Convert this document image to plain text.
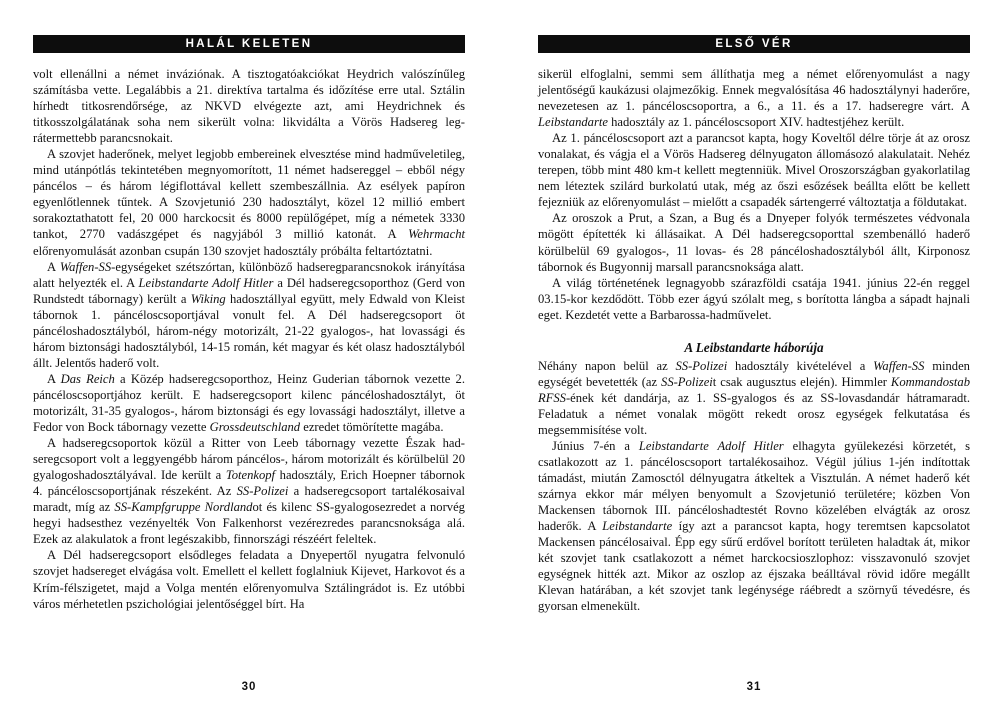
HALÁL KELETEN

volt ellenállni a német inváziónak. A tisztogatóakciókat Heydrich valószínűleg számításba vette. Legalábbis a 21. direktíva tartalma és időzítése erre utal. Sztálin hírhedt titkosrendőrsége, az NKVD elvégezte azt, ami Heydrichnek és titkosszolgálatának soha nem sikerült volna: likvidálta a Vörös Hadsereg legrátermettebb parancsnokait.

A szovjet haderőnek, melyet legjobb embereinek elvesztése mind hadműveletileg, mind utánpótlás tekintetében megnyomorított, 11 német hadsereggel – ebből négy páncélos – és három légiflottával kellett szembeszállnia. Az esélyek papíron egyenlőtlennek tűntek. A Szovjetunió 230 hadosztályt, közel 12 millió embert sorakoztathatott fel, 20 000 harckocsit és 8000 repülőgépet, míg a németek 3330 tankot, 2770 vadászgépet és nagyjából 3 millió katonát. A Wehrmacht előrenyomulását azonban csupán 130 szovjet hadosztály próbálta feltartóztatni.

A Waffen-SS-egységeket szétszórtan, különböző hadseregparancsnokok irányítása alatt helyezték el. A Leibstandarte Adolf Hitler a Dél hadseregcsoporthoz (Gerd von Rundstedt tábornagy) került a Wiking hadosztállyal együtt, mely Edwald von Kleist tábornok 1. páncéloscsoportjával vonult fel. A Dél hadseregcsoport öt páncéloshadosztályból, három-négy motorizált, 21-22 gyalogos-, hat lovassági és három biztonsági hadosztályból, 14-15 román, két magyar és két olasz hadosztályból állt. Jelentős haderő volt.

A Das Reich a Közép hadseregcsoporthoz, Heinz Guderian tábornok vezette 2. páncéloscsoportjához került. E hadseregcsoport kilenc páncéloshadosztályt, öt motorizált, 31-35 gyalogos-, három biztonsági és egy lovassági hadosztályt, illetve a Fedor von Bock tábornagy vezette Grossdeutschland ezredet tömörítette magába.

A hadseregcsoportok közül a Ritter von Leeb tábornagy vezette Észak hadseregcsoport volt a leggyengébb három páncélos-, három motorizált és körülbelül 20 gyalogoshadosztályával. Ide került a Totenkopf hadosztály, Erich Hoepner tábornok 4. páncéloscsoportjának részeként. Az SS-Polizei a hadseregcsoport tartalékosaival maradt, míg az SS-Kampfgruppe Nordlandot és kilenc SS-gyalogosezredet a norvég hegyi hadsesthez vezényelték Von Falkenhorst vezérezredes parancsnoksága alá. Ezek az alakulatok a front legészakibb, finnországi részéért feleltek.

A Dél hadseregcsoport elsődleges feladata a Dnyepertől nyugatra felvonuló szovjet hadsereget elvágása volt. Emellett el kellett foglalniuk Kijevet, Harkovot és a Krím-félszigetet, majd a Volga mentén előrenyomulva Sztálingrádot is. Ez utóbbi város mérhetetlen pszichológiai jelentőséggel bírt. Ha

30
ELSŐ VÉR

sikerül elfoglalni, semmi sem állíthatja meg a német előrenyomulást a nagy jelentőségű kaukázusi olajmezőkig. Ennek megvalósítása 46 hadosztálynyi haderőre, nevezetesen az 1. páncéloscsoportra, a 6., a 11. és a 17. hadseregre várt. A Leibstandarte hadosztály az 1. páncéloscsoport XIV. hadtestjéhez került.

Az 1. páncéloscsoport azt a parancsot kapta, hogy Koveltől délre törje át az orosz vonalakat, és vágja el a Vörös Hadsereg délnyugaton állomásozó alakulatait. Nehéz terepen, több mint 480 km-t kellett megtenniük. Mivel Oroszországban gyakorlatilag nem léteztek szilárd burkolatú utak, még az őszi esőzések beállta előtt be kellett fejezniük az előrenyomulást – mielőtt a csapadék sártengerré változtatja a földutakat.

Az oroszok a Prut, a Szan, a Bug és a Dnyeper folyók természetes védvonala mögött építették ki állásaikat. A Dél hadseregcsoporttal szembenálló haderő körülbelül 69 gyalogos-, 11 lovas- és 28 páncéloshadosztályból állt, Kirponosz tábornok és Bugyonnij marsall parancsnoksága alatt.

A világ történetének legnagyobb szárazföldi csatája 1941. június 22-én reggel 03.15-kor kezdődött. Több ezer ágyú szólalt meg, s borította lángba a sápadt hajnali eget. Kezdetét vette a Barbarossa-hadművelet.

A Leibstandarte háborúja

Néhány napon belül az SS-Polizei hadosztály kivételével a Waffen-SS minden egységét bevetették (az SS-Polizeit csak augusztus elején). Himmler Kommandostab RFSS-ének két dandárja, az 1. SS-gyalogos és az SS-lovasdandár hátramaradt. Feladatuk a német vonalak mögött rekedt orosz egységek felkutatása és megsemmisítése volt.

Június 7-én a Leibstandarte Adolf Hitler elhagyta gyülekezési körzetét, s csatlakozott az 1. páncéloscsoport tartalékosaihoz. Végül július 1-jén indítottak támadást, miután Zamosctól délnyugatra átkeltek a Visztulán. A német haderő két szárnya ekkor már mélyen benyomult a Szovjetunió területére; közben Von Mackensen tábornok III. páncéloshadtestét Rovno közelében elvágták az orosz haderők. A Leibstandarte így azt a parancsot kapta, hogy teremtsen kapcsolatot Mackensen páncélosaival. Épp egy sűrű erdővel borított területen haladtak át, mikor két szovjet tank csatlakozott a német harckocsioszlophoz: visszavonuló szovjet egységnek hitték azt. Mikor az oszlop az éjszaka beálltával rövid időre megállt Klevan határában, a két szovjet tank legénysége ráébredt a szörnyű tévedésre, és gyorsan elmenekült.

31
